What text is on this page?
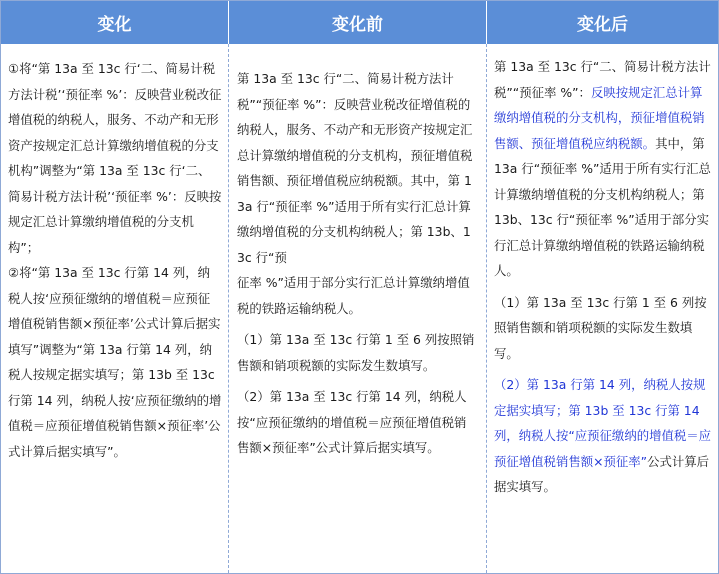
变化	变化前	变化后

①将“第 13a 至 13c 行‘二、简易计税方法计税’‘预征率 %’：反映营业税改征增值税的纳税人，服务、不动产和无形资产按规定汇总计算缴纳增值税的分支机构”调整为“第 13a 至 13c 行‘二、简易计税方法计税’‘预征率 %’：反映按规定汇总计算缴纳增值税的分支机构”；

②将“第 13a 至 13c 行第 14 列，纳税人按‘应预征缴纳的增值税＝应预征增值税销售额×预征率’公式计算后据实填写”调整为“第 13a 行第 14 列，纳税人按规定据实填写；第 13b 至 13c 行第 14 列，纳税人按‘应预征缴纳的增值税＝应预征增值税销售额×预征率’公式计算后据实填写”。

第 13a 至 13c 行“二、简易计税方法计税”“预征率 %”：反映营业税改征增值税的纳税人，服务、不动产和无形资产按规定汇总计算缴纳增值税的分支机构，预征增值税销售额、预征增值税应纳税额。其中，第 13a 行“预征率 %”适用于所有实行汇总计算缴纳增值税的分支机构纳税人；第 13b、13c 行“预

征率 %”适用于部分实行汇总计算缴纳增值税的铁路运输纳税人。

（1）第 13a 至 13c 行第 1 至 6 列按照销售额和销项税额的实际发生数填写。

（2）第 13a 至 13c 行第 14 列，纳税人按“应预征缴纳的增值税＝应预征增值税销售额×预征率”公式计算后据实填写。

第 13a 至 13c 行“二、简易计税方法计税”“预征率 %”：反映按规定汇总计算缴纳增值税的分支机构，预征增值税销售额、预征增值税应纳税额。其中，第 13a 行“预征率 %”适用于所有实行汇总计算缴纳增值税的分支机构纳税人；第 13b、13c 行“预征率 %”适用于部分实行汇总计算缴纳增值税的铁路运输纳税人。

（1）第 13a 至 13c 行第 1 至 6 列按照销售额和销项税额的实际发生数填写。

（2）第 13a 行第 14 列，纳税人按规定据实填写；第 13b 至 13c 行第 14 列，纳税人按“应预征缴纳的增值税＝应预征增值税销售额×预征率”公式计算后据实填写。
